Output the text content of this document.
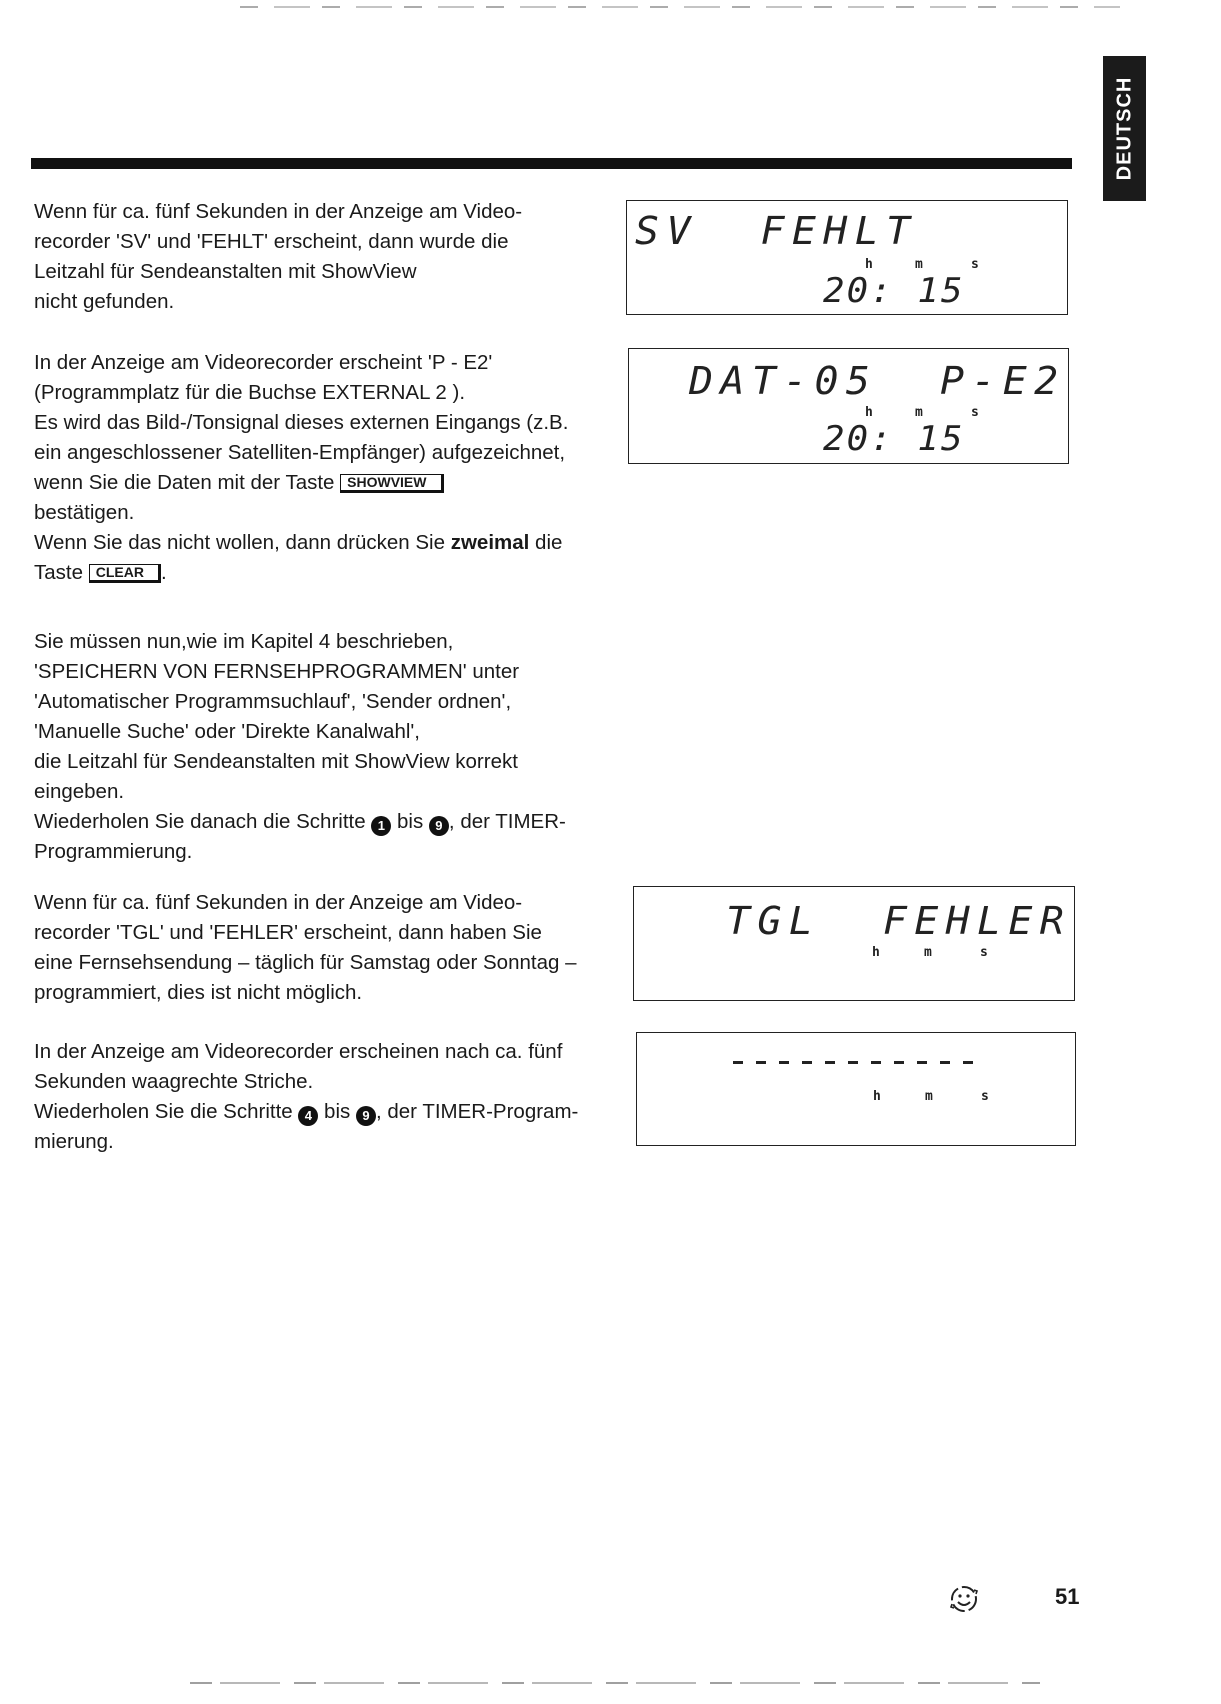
DEUTSCH
Wenn für ca. fünf Sekunden in der Anzeige am Video-
recorder 'SV' und 'FEHLT' erscheint, dann wurde die
Leitzahl für Sendeanstalten mit ShowView
nicht gefunden.
In der Anzeige am Videorecorder erscheint 'P - E2'
(Programmplatz für die Buchse EXTERNAL 2 ).
Es wird das Bild-/Tonsignal dieses externen Eingangs (z.B.
ein angeschlossener Satelliten-Empfänger) aufgezeichnet,
wenn Sie die Daten mit der Taste SHOWVIEW
bestätigen.
Wenn Sie das nicht wollen, dann drücken Sie zweimal die
Taste CLEAR .
Sie müssen nun,wie im Kapitel 4 beschrieben,
'SPEICHERN VON FERNSEHPROGRAMMEN' unter
'Automatischer Programmsuchlauf', 'Sender ordnen',
'Manuelle Suche' oder 'Direkte Kanalwahl',
die Leitzahl für Sendeanstalten mit ShowView korrekt
eingeben.
Wiederholen Sie danach die Schritte 1 bis 9 , der TIMER-
Programmierung.
Wenn für ca. fünf Sekunden in der Anzeige am Video-
recorder 'TGL' und 'FEHLER' erscheint, dann haben Sie
eine Fernsehsendung – täglich für Samstag oder Sonntag –
programmiert, dies ist nicht möglich.
In der Anzeige am Videorecorder erscheinen nach ca. fünf
Sekunden waagrechte Striche.
Wiederholen Sie die Schritte 4 bis 9 , der TIMER-Program-
mierung.
SV  FEHLT
h	m	s
20: 15
DAT-05  P-E2
h	m	s
20: 15
TGL  FEHLER
h	m	s
h	m	s
51
